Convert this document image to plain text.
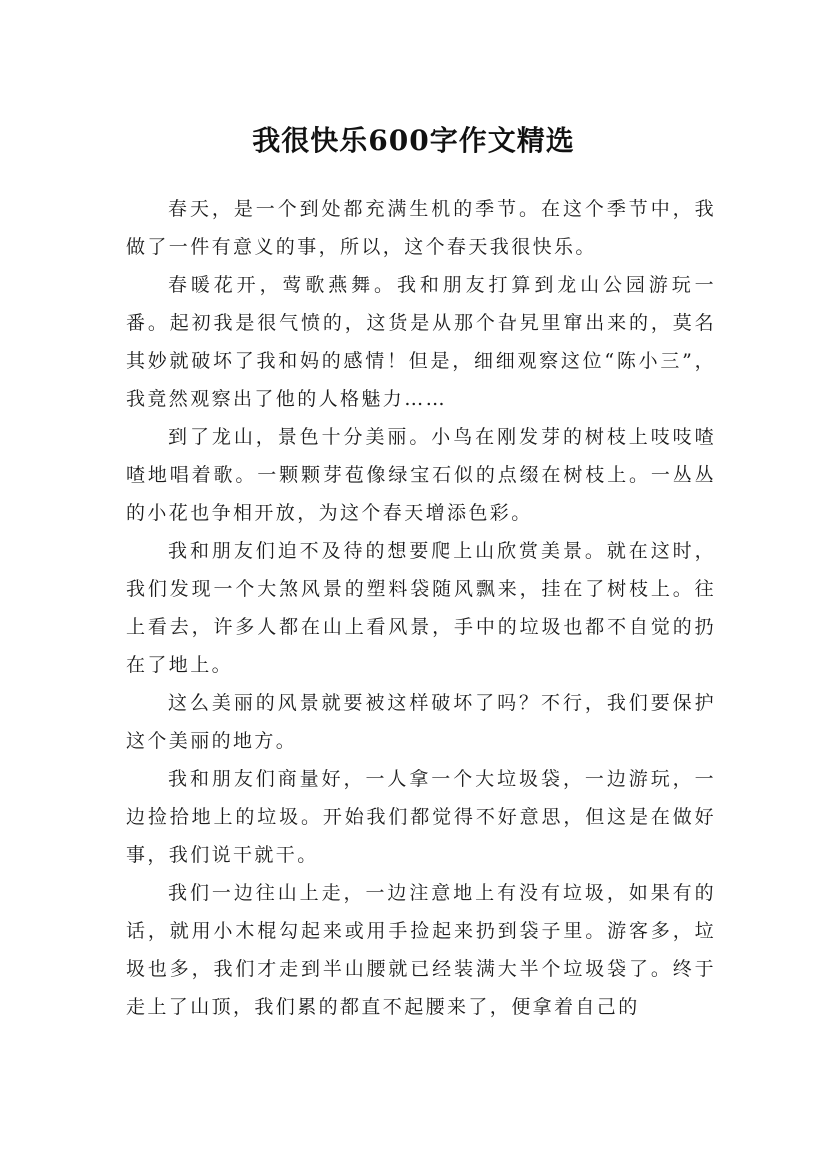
我很快乐600字作文精选

春天，是一个到处都充满生机的季节。在这个季节中，我做了一件有意义的事，所以，这个春天我很快乐。

春暖花开，莺歌燕舞。我和朋友打算到龙山公园游玩一番。起初我是很气愤的，这货是从那个旮旯里窜出来的，莫名其妙就破坏了我和妈的感情！但是，细细观察这位“陈小三”，我竟然观察出了他的人格魅力……

到了龙山，景色十分美丽。小鸟在刚发芽的树枝上吱吱喳喳地唱着歌。一颗颗芽苞像绿宝石似的点缀在树枝上。一丛丛的小花也争相开放，为这个春天增添色彩。

我和朋友们迫不及待的想要爬上山欣赏美景。就在这时，我们发现一个大煞风景的塑料袋随风飘来，挂在了树枝上。往上看去，许多人都在山上看风景，手中的垃圾也都不自觉的扔在了地上。

这么美丽的风景就要被这样破坏了吗？不行，我们要保护这个美丽的地方。

我和朋友们商量好，一人拿一个大垃圾袋，一边游玩，一边捡拾地上的垃圾。开始我们都觉得不好意思，但这是在做好事，我们说干就干。

我们一边往山上走，一边注意地上有没有垃圾，如果有的话，就用小木棍勾起来或用手捡起来扔到袋子里。游客多，垃圾也多，我们才走到半山腰就已经装满大半个垃圾袋了。终于走上了山顶，我们累的都直不起腰来了，便拿着自己的
